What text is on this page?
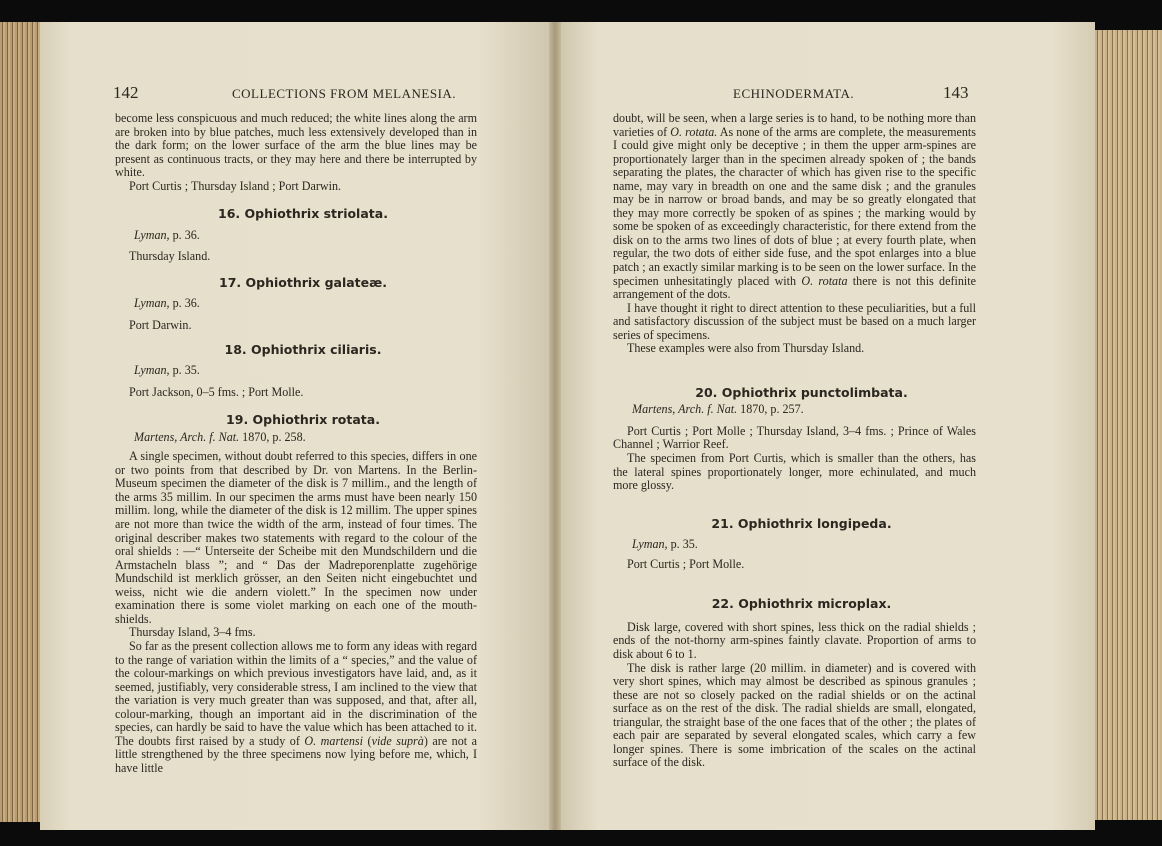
142	COLLECTIONS FROM MELANESIA.	ECHINODERMATA.	143

become less conspicuous and much reduced; the white lines along the arm are broken into by blue patches, much less extensively developed than in the dark form; on the lower surface of the arm the blue lines may be present as continuous tracts, or they may here and there be interrupted by white.

Port Curtis ; Thursday Island ; Port Darwin.

16. Ophiothrix striolata.

Lyman, p. 36.

Thursday Island.

17. Ophiothrix galateæ.

Lyman, p. 36.

Port Darwin.

18. Ophiothrix ciliaris.

Lyman, p. 35.

Port Jackson, 0–5 fms. ; Port Molle.

19. Ophiothrix rotata.

Martens, Arch. f. Nat. 1870, p. 258.

A single specimen, without doubt referred to this species, differs in one or two points from that described by Dr. von Martens. In the Berlin-Museum specimen the diameter of the disk is 7 millim., and the length of the arms 35 millim. In our specimen the arms must have been nearly 150 millim. long, while the diameter of the disk is 12 millim. The upper spines are not more than twice the width of the arm, instead of four times. The original describer makes two statements with regard to the colour of the oral shields : —“ Unterseite der Scheibe mit den Mundschildern und die Armstacheln blass ”; and “ Das der Madreporenplatte zugehörige Mundschild ist merklich grösser, an den Seiten nicht eingebuchtet und weiss, nicht wie die andern violett.” In the specimen now under examination there is some violet marking on each one of the mouth-shields.

Thursday Island, 3–4 fms.

So far as the present collection allows me to form any ideas with regard to the range of variation within the limits of a “ species,” and the value of the colour-markings on which previous investigators have laid, and, as it seemed, justifiably, very considerable stress, I am inclined to the view that the variation is very much greater than was supposed, and that, after all, colour-marking, though an important aid in the discrimination of the species, can hardly be said to have the value which has been attached to it. The doubts first raised by a study of O. martensi (vide suprà) are not a little strengthened by the three specimens now lying before me, which, I have little

doubt, will be seen, when a large series is to hand, to be nothing more than varieties of O. rotata. As none of the arms are complete, the measurements I could give might only be deceptive ; in them the upper arm-spines are proportionately larger than in the specimen already spoken of ; the bands separating the plates, the character of which has given rise to the specific name, may vary in breadth on one and the same disk ; and the granules may be in narrow or broad bands, and may be so greatly elongated that they may more correctly be spoken of as spines ; the marking would by some be spoken of as exceedingly characteristic, for there extend from the disk on to the arms two lines of dots of blue ; at every fourth plate, when regular, the two dots of either side fuse, and the spot enlarges into a blue patch ; an exactly similar marking is to be seen on the lower surface. In the specimen unhesitatingly placed with O. rotata there is not this definite arrangement of the dots.

I have thought it right to direct attention to these peculiarities, but a full and satisfactory discussion of the subject must be based on a much larger series of specimens.

These examples were also from Thursday Island.

20. Ophiothrix punctolimbata.

Martens, Arch. f. Nat. 1870, p. 257.

Port Curtis ; Port Molle ; Thursday Island, 3–4 fms. ; Prince of Wales Channel ; Warrior Reef.

The specimen from Port Curtis, which is smaller than the others, has the lateral spines proportionately longer, more echinulated, and much more glossy.

21. Ophiothrix longipeda.

Lyman, p. 35.

Port Curtis ; Port Molle.

22. Ophiothrix microplax.

Disk large, covered with short spines, less thick on the radial shields ; ends of the not-thorny arm-spines faintly clavate. Proportion of arms to disk about 6 to 1.

The disk is rather large (20 millim. in diameter) and is covered with very short spines, which may almost be described as spinous granules ; these are not so closely packed on the radial shields or on the actinal surface as on the rest of the disk. The radial shields are small, elongated, triangular, the straight base of the one faces that of the other ; the plates of each pair are separated by several elongated scales, which carry a few longer spines. There is some imbrication of the scales on the actinal surface of the disk.
